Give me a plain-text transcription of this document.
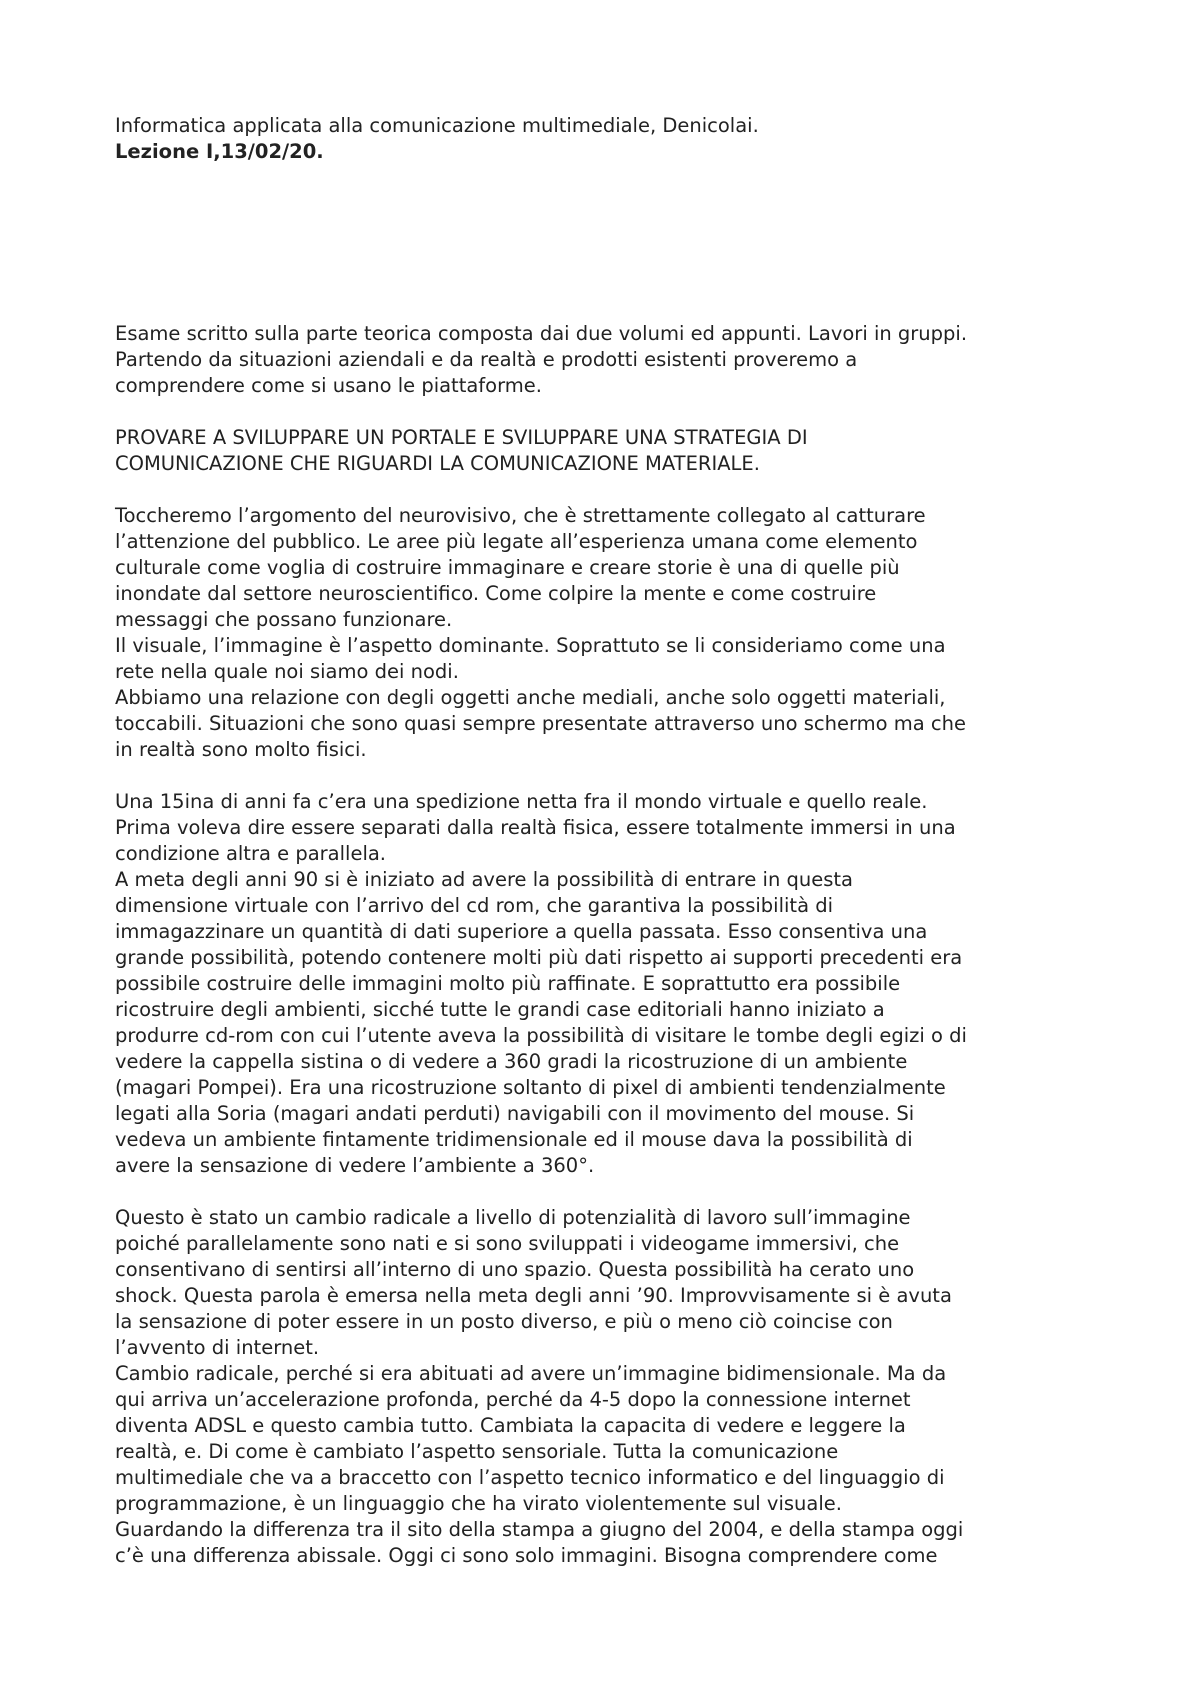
Informatica applicata alla comunicazione multimediale, Denicolai.
Lezione I,13/02/20.
Esame scritto sulla parte teorica composta dai due volumi ed appunti. Lavori in gruppi.
Partendo da situazioni aziendali e da realtà e prodotti esistenti proveremo a
comprendere come si usano le piattaforme.
PROVARE A SVILUPPARE UN PORTALE E SVILUPPARE UNA STRATEGIA DI
COMUNICAZIONE CHE RIGUARDI LA COMUNICAZIONE MATERIALE.
Toccheremo l’argomento del neurovisivo, che è strettamente collegato al catturare
l’attenzione del pubblico. Le aree più legate all’esperienza umana come elemento
culturale come voglia di costruire immaginare e creare storie è una di quelle più
inondate dal settore neuroscientifico. Come colpire la mente e come costruire
messaggi che possano funzionare.
Il visuale, l’immagine è l’aspetto dominante. Soprattuto se li consideriamo come una
rete nella quale noi siamo dei nodi.
Abbiamo una relazione con degli oggetti anche mediali, anche solo oggetti materiali,
toccabili. Situazioni che sono quasi sempre presentate attraverso uno schermo ma che
in realtà sono molto fisici.
Una 15ina di anni fa c’era una spedizione netta fra il mondo virtuale e quello reale.
Prima voleva dire essere separati dalla realtà fisica, essere totalmente immersi in una
condizione altra e parallela.
A meta degli anni 90 si è iniziato ad avere la possibilità di entrare in questa
dimensione virtuale con l’arrivo del cd rom, che garantiva la possibilità di
immagazzinare un quantità di dati superiore a quella passata. Esso consentiva una
grande possibilità, potendo contenere molti più dati rispetto ai supporti precedenti era
possibile costruire delle immagini molto più raffinate. E soprattutto era possibile
ricostruire degli ambienti, sicché tutte le grandi case editoriali hanno iniziato a
produrre cd-rom con cui l’utente aveva la possibilità di visitare le tombe degli egizi o di
vedere la cappella sistina o di vedere a 360 gradi la ricostruzione di un ambiente
(magari Pompei). Era una ricostruzione soltanto di pixel di ambienti tendenzialmente
legati alla Soria (magari andati perduti) navigabili con il movimento del mouse. Si
vedeva un ambiente fintamente tridimensionale ed il mouse dava la possibilità di
avere la sensazione di vedere l’ambiente a 360°.
Questo è stato un cambio radicale a livello di potenzialità di lavoro sull’immagine
poiché parallelamente sono nati e si sono sviluppati i videogame immersivi, che
consentivano di sentirsi all’interno di uno spazio. Questa possibilità ha cerato uno
shock. Questa parola è emersa nella meta degli anni ’90. Improvvisamente si è avuta
la sensazione di poter essere in un posto diverso, e più o meno ciò coincise con
l’avvento di internet.
Cambio radicale, perché si era abituati ad avere un’immagine bidimensionale. Ma da
qui arriva un’accelerazione profonda, perché da 4-5 dopo la connessione internet
diventa ADSL e questo cambia tutto. Cambiata la capacita di vedere e leggere la
realtà, e. Di come è cambiato l’aspetto sensoriale. Tutta la comunicazione
multimediale che va a braccetto con l’aspetto tecnico informatico e del linguaggio di
programmazione, è un linguaggio che ha virato violentemente sul visuale.
Guardando la differenza tra il sito della stampa a giugno del 2004, e della stampa oggi
c’è una differenza abissale. Oggi ci sono solo immagini. Bisogna comprendere come
